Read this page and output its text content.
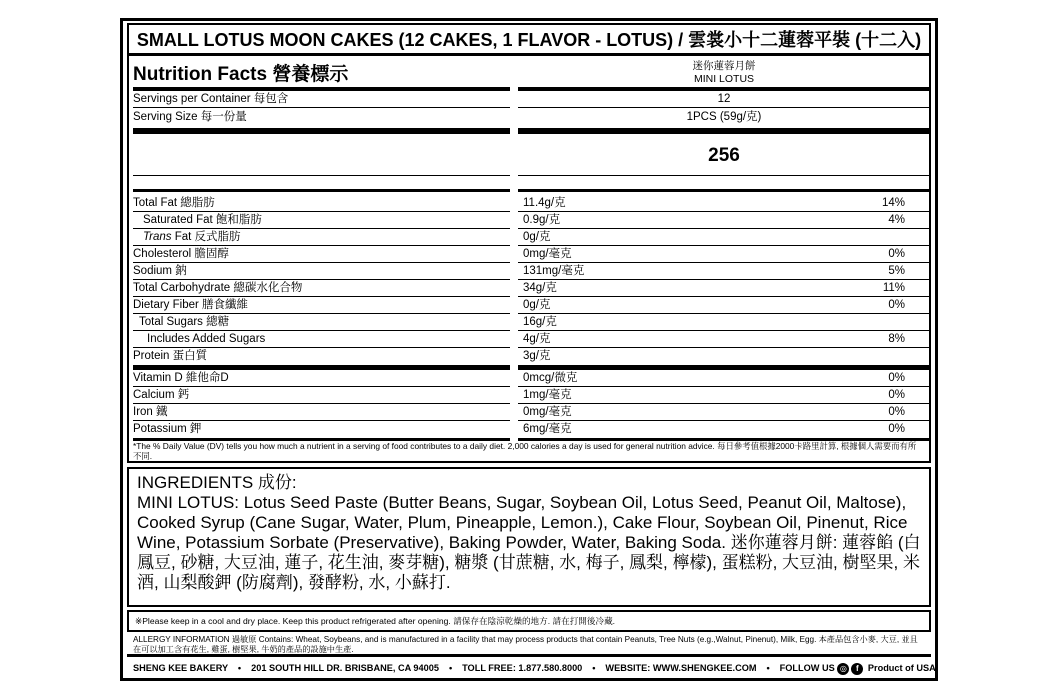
SMALL LOTUS MOON CAKES (12 CAKES, 1 FLAVOR - LOTUS) / 雲裳小十二蓮蓉平裝 (十二入)
Nutrition Facts 營養標示	迷你蓮蓉月餅
MINI LOTUS
Servings per Container 每包含	12
Serving Size 每一份量	1PCS (59g/克)
256
Total Fat 總脂肪	11.4g/克	14%
Saturated Fat 飽和脂肪	0.9g/克	4%
Trans Fat 反式脂肪	0g/克
Cholesterol 膽固醇	0mg/毫克	0%
Sodium 鈉	131mg/毫克	5%
Total Carbohydrate 總碳水化合物	34g/克	11%
Dietary Fiber 膳食纖維	0g/克	0%
Total Sugars 總糖	16g/克
Includes Added Sugars	4g/克	8%
Protein 蛋白質	3g/克
Vitamin D 維他命D	0mcg/微克	0%
Calcium 鈣	1mg/毫克	0%
Iron 鐵	0mg/毫克	0%
Potassium 鉀	6mg/毫克	0%
*The % Daily Value (DV) tells you how much a nutrient in a serving of food contributes to a daily diet. 2,000 calories a day is used for general nutrition advice. 每日參考值根據2000卡路里計算, 根據個人需要而有所不同.
INGREDIENTS 成份:
MINI LOTUS: Lotus Seed Paste (Butter Beans, Sugar, Soybean Oil, Lotus Seed, Peanut Oil, Maltose), Cooked Syrup (Cane Sugar, Water, Plum, Pineapple, Lemon.), Cake Flour, Soybean Oil, Pinenut, Rice Wine, Potassium Sorbate (Preservative), Baking Powder, Water, Baking Soda. 迷你蓮蓉月餅: 蓮蓉餡 (白鳳豆, 砂糖, 大豆油, 蓮子, 花生油, 麥芽糖), 糖漿 (甘蔗糖, 水, 梅子, 鳳梨, 檸檬), 蛋糕粉, 大豆油, 樹堅果, 米酒, 山梨酸鉀 (防腐劑), 發酵粉, 水, 小蘇打.
※Please keep in a cool and dry place. Keep this product refrigerated after opening. 請保存在陰涼乾燥的地方. 請在打開後冷藏.
ALLERGY INFORMATION 過敏原 Contains: Wheat, Soybeans, and is manufactured in a facility that may process products that contain Peanuts, Tree Nuts (e.g.,Walnut, Pinenut), Milk, Egg. 本產品包含小麥, 大豆, 並且在可以加工含有花生, 雞蛋, 樹堅果, 牛奶的產品的設施中生產.
SHENG KEE BAKERY • 201 SOUTH HILL DR. BRISBANE, CA 94005 • TOLL FREE: 1.877.580.8000 • WEBSITE: WWW.SHENGKEE.COM • FOLLOW US ◎ f Product of USA
